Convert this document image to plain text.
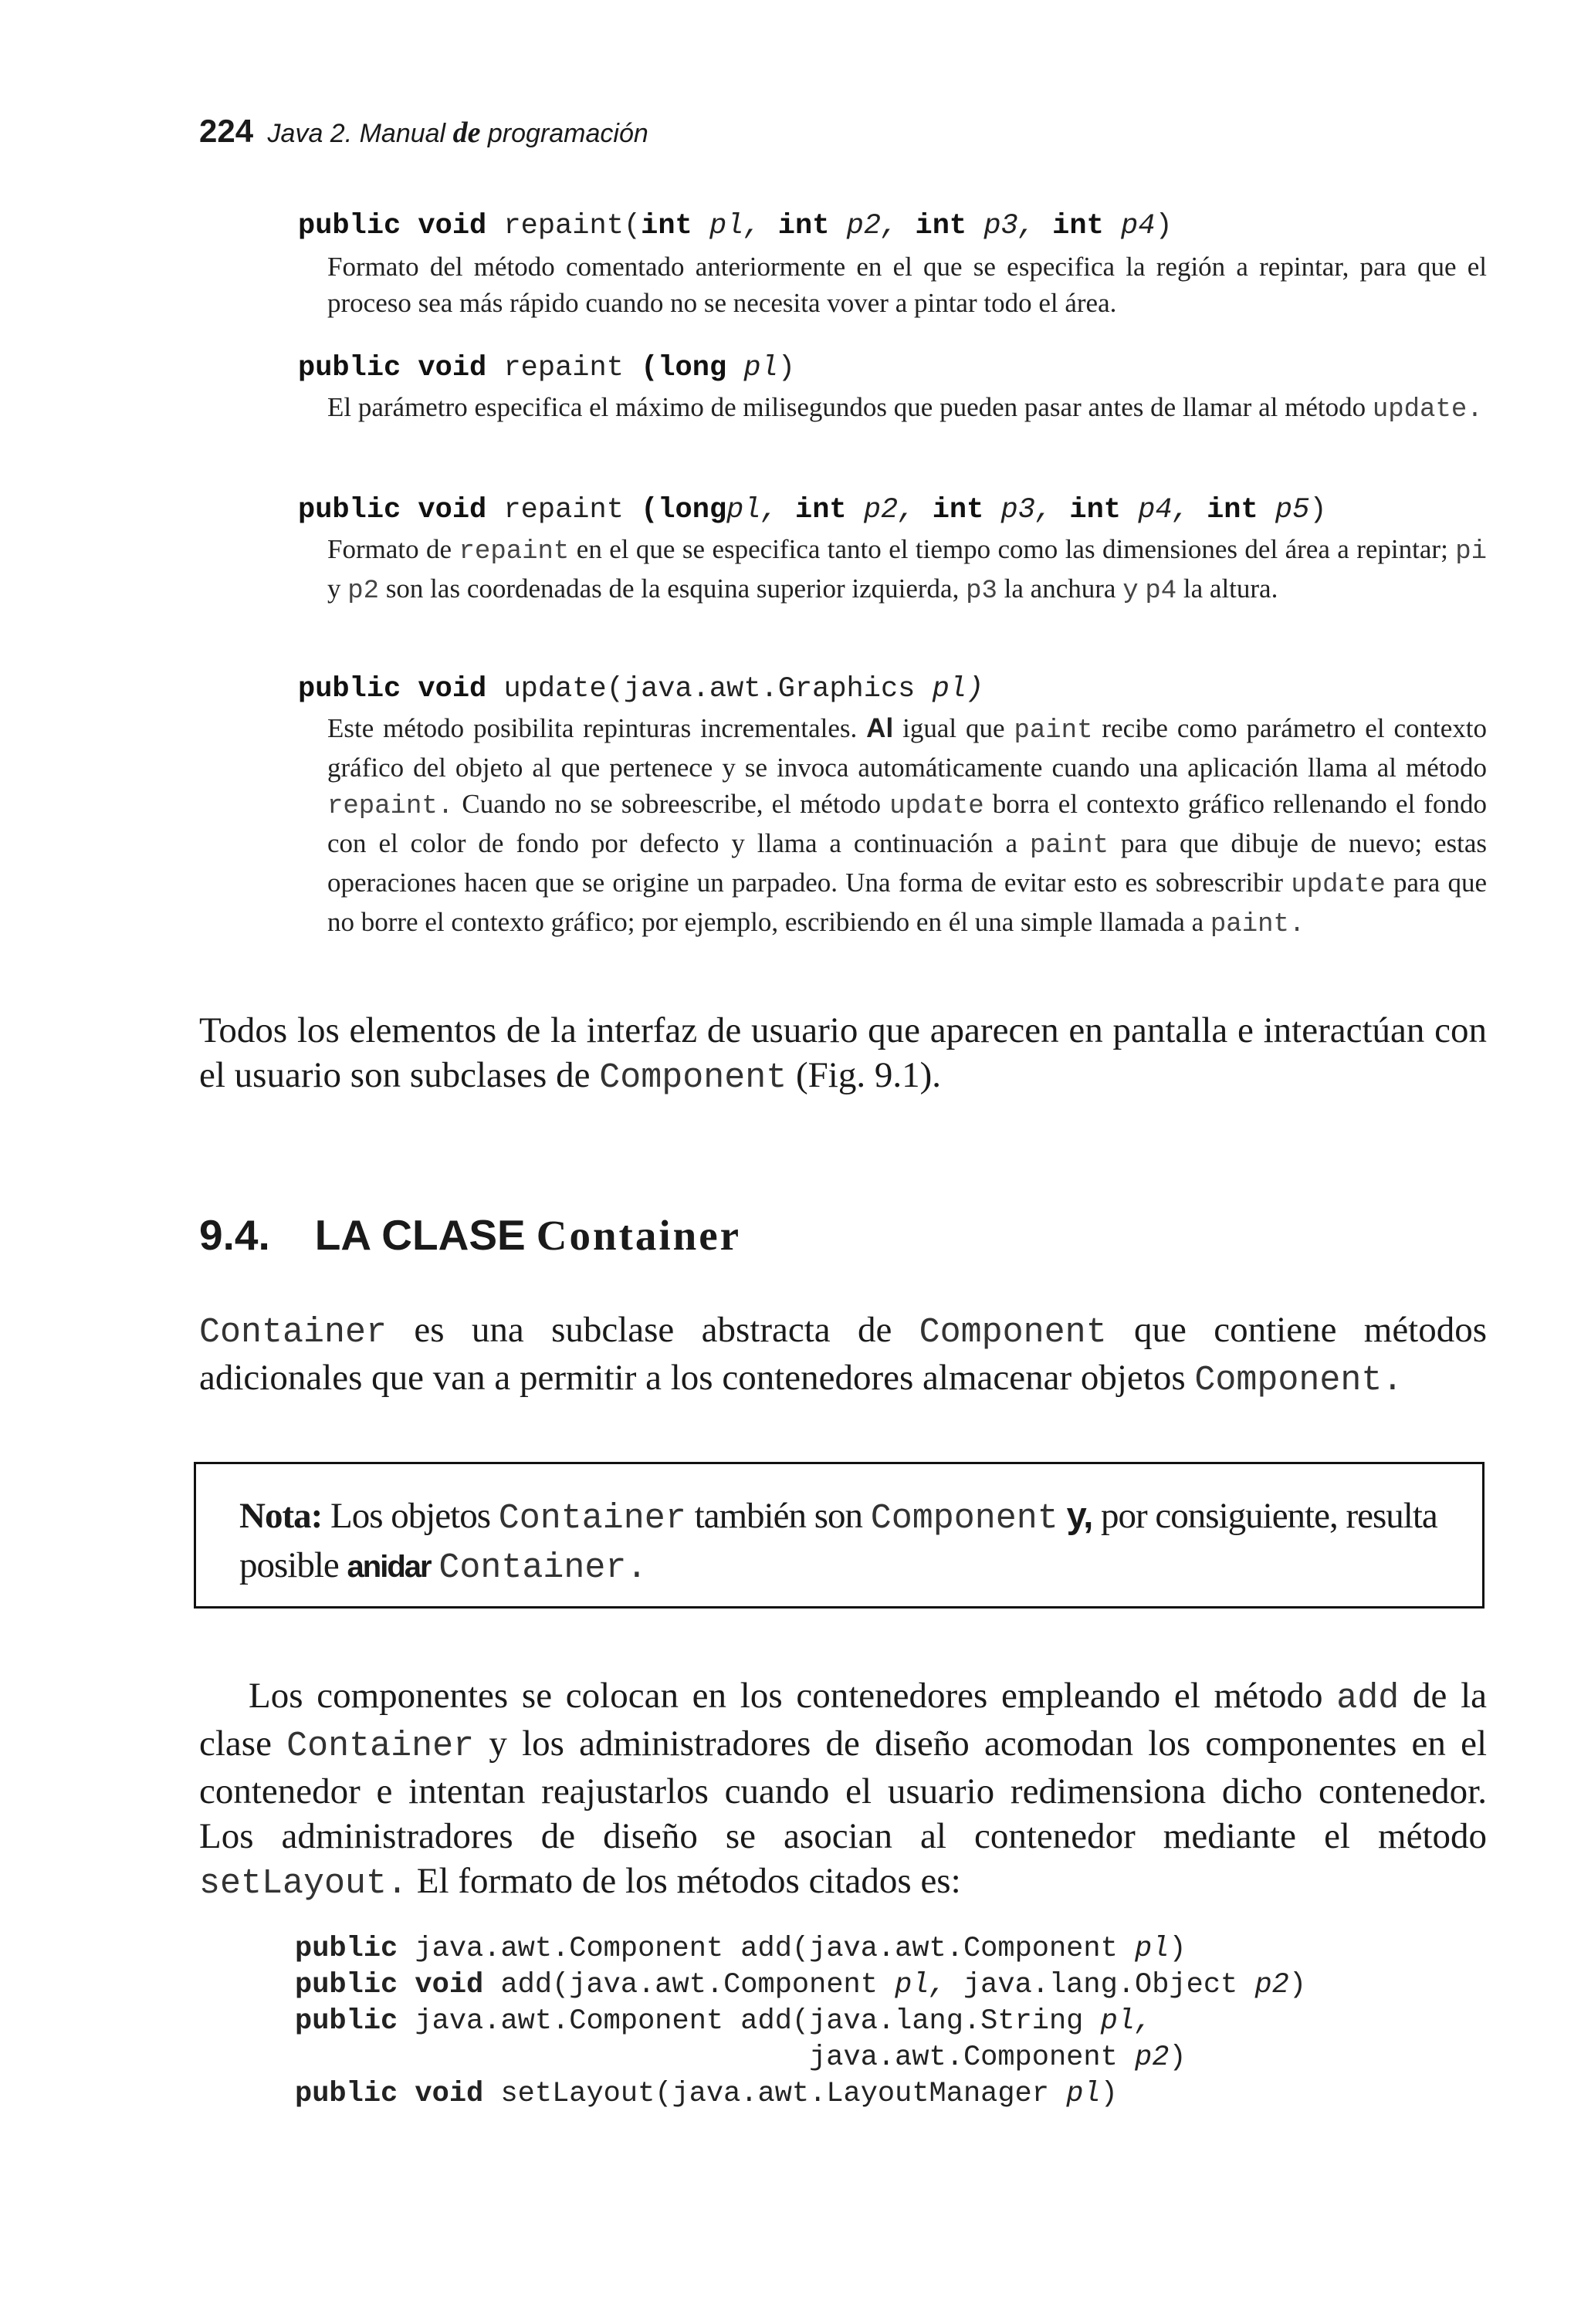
224 Java 2. Manual de programación
public void repaint(int pl, int p2, int p3, int p4)
Formato del método comentado anteriormente en el que se especifica la región a repintar, para que el proceso sea más rápido cuando no se necesita vover a pintar todo el área.
public void repaint (long pl)
El parámetro especifica el máximo de milisegundos que pueden pasar antes de llamar al método update.
public void repaint (longpl, int p2, int p3, int p4, int p5)
Formato de repaint en el que se especifica tanto el tiempo como las dimensiones del área a repintar; pi y p2 son las coordenadas de la esquina superior izquierda, p3 la anchura y p4 la altura.
public void update(java.awt.Graphics pl)
Este método posibilita repinturas incrementales. Al igual que paint recibe como parámetro el contexto gráfico del objeto al que pertenece y se invoca automáticamente cuando una aplicación llama al método repaint. Cuando no se sobreescribe, el método update borra el contexto gráfico rellenando el fondo con el color de fondo por defecto y llama a continuación a paint para que dibuje de nuevo; estas operaciones hacen que se origine un parpadeo. Una forma de evitar esto es sobrescribir update para que no borre el contexto gráfico; por ejemplo, escribiendo en él una simple llamada a paint.
Todos los elementos de la interfaz de usuario que aparecen en pantalla e interactúan con el usuario son subclases de Component (Fig. 9.1).
9.4. LA CLASE Container
Container es una subclase abstracta de Component que contiene métodos adicionales que van a permitir a los contenedores almacenar objetos Component.
Nota: Los objetos Container también son Component y, por consiguiente, resulta posible anidar Container.
Los componentes se colocan en los contenedores empleando el método add de la clase Container y los administradores de diseño acomodan los componentes en el contenedor e intentan reajustarlos cuando el usuario redimensiona dicho contenedor. Los administradores de diseño se asocian al contenedor mediante el método setLayout. El formato de los métodos citados es:
public java.awt.Component add(java.awt.Component pl)
public void add(java.awt.Component pl, java.lang.Object p2)
public java.awt.Component add(java.lang.String pl,
java.awt.Component p2)
public void setLayout(java.awt.LayoutManager pl)
